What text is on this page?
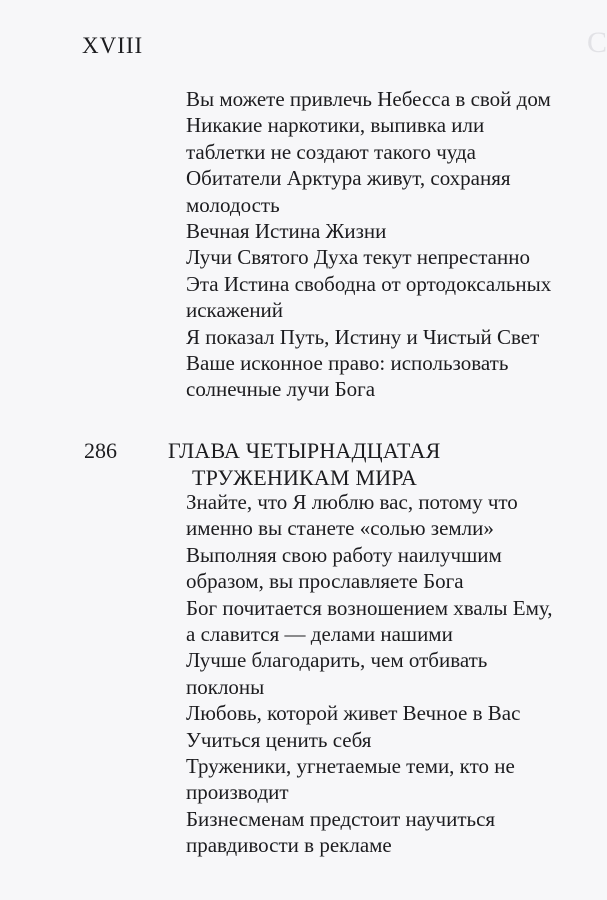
C
XVIII
Вы можете привлечь Небесса в свой дом
Никакие наркотики, выпивка или
таблетки не создают такого чуда
Обитатели Арктура живут, сохраняя
молодость
Вечная Истина Жизни
Лучи Святого Духа текут непрестанно
Эта Истина свободна от ортодоксальных
искажений
Я показал Путь, Истину и Чистый Свет
Ваше исконное право: использовать
солнечные лучи Бога
286 ГЛАВА ЧЕТЫРНАДЦАТАЯ
ТРУЖЕНИКАМ МИРА
Знайте, что Я люблю вас, потому что
именно вы станете «солью земли»
Выполняя свою работу наилучшим
образом, вы прославляете Бога
Бог почитается возношением хвалы Ему,
а славится — делами нашими
Лучше благодарить, чем отбивать
поклоны
Любовь, которой живет Вечное в Вас
Учиться ценить себя
Труженики, угнетаемые теми, кто не
производит
Бизнесменам предстоит научиться
правдивости в рекламе
